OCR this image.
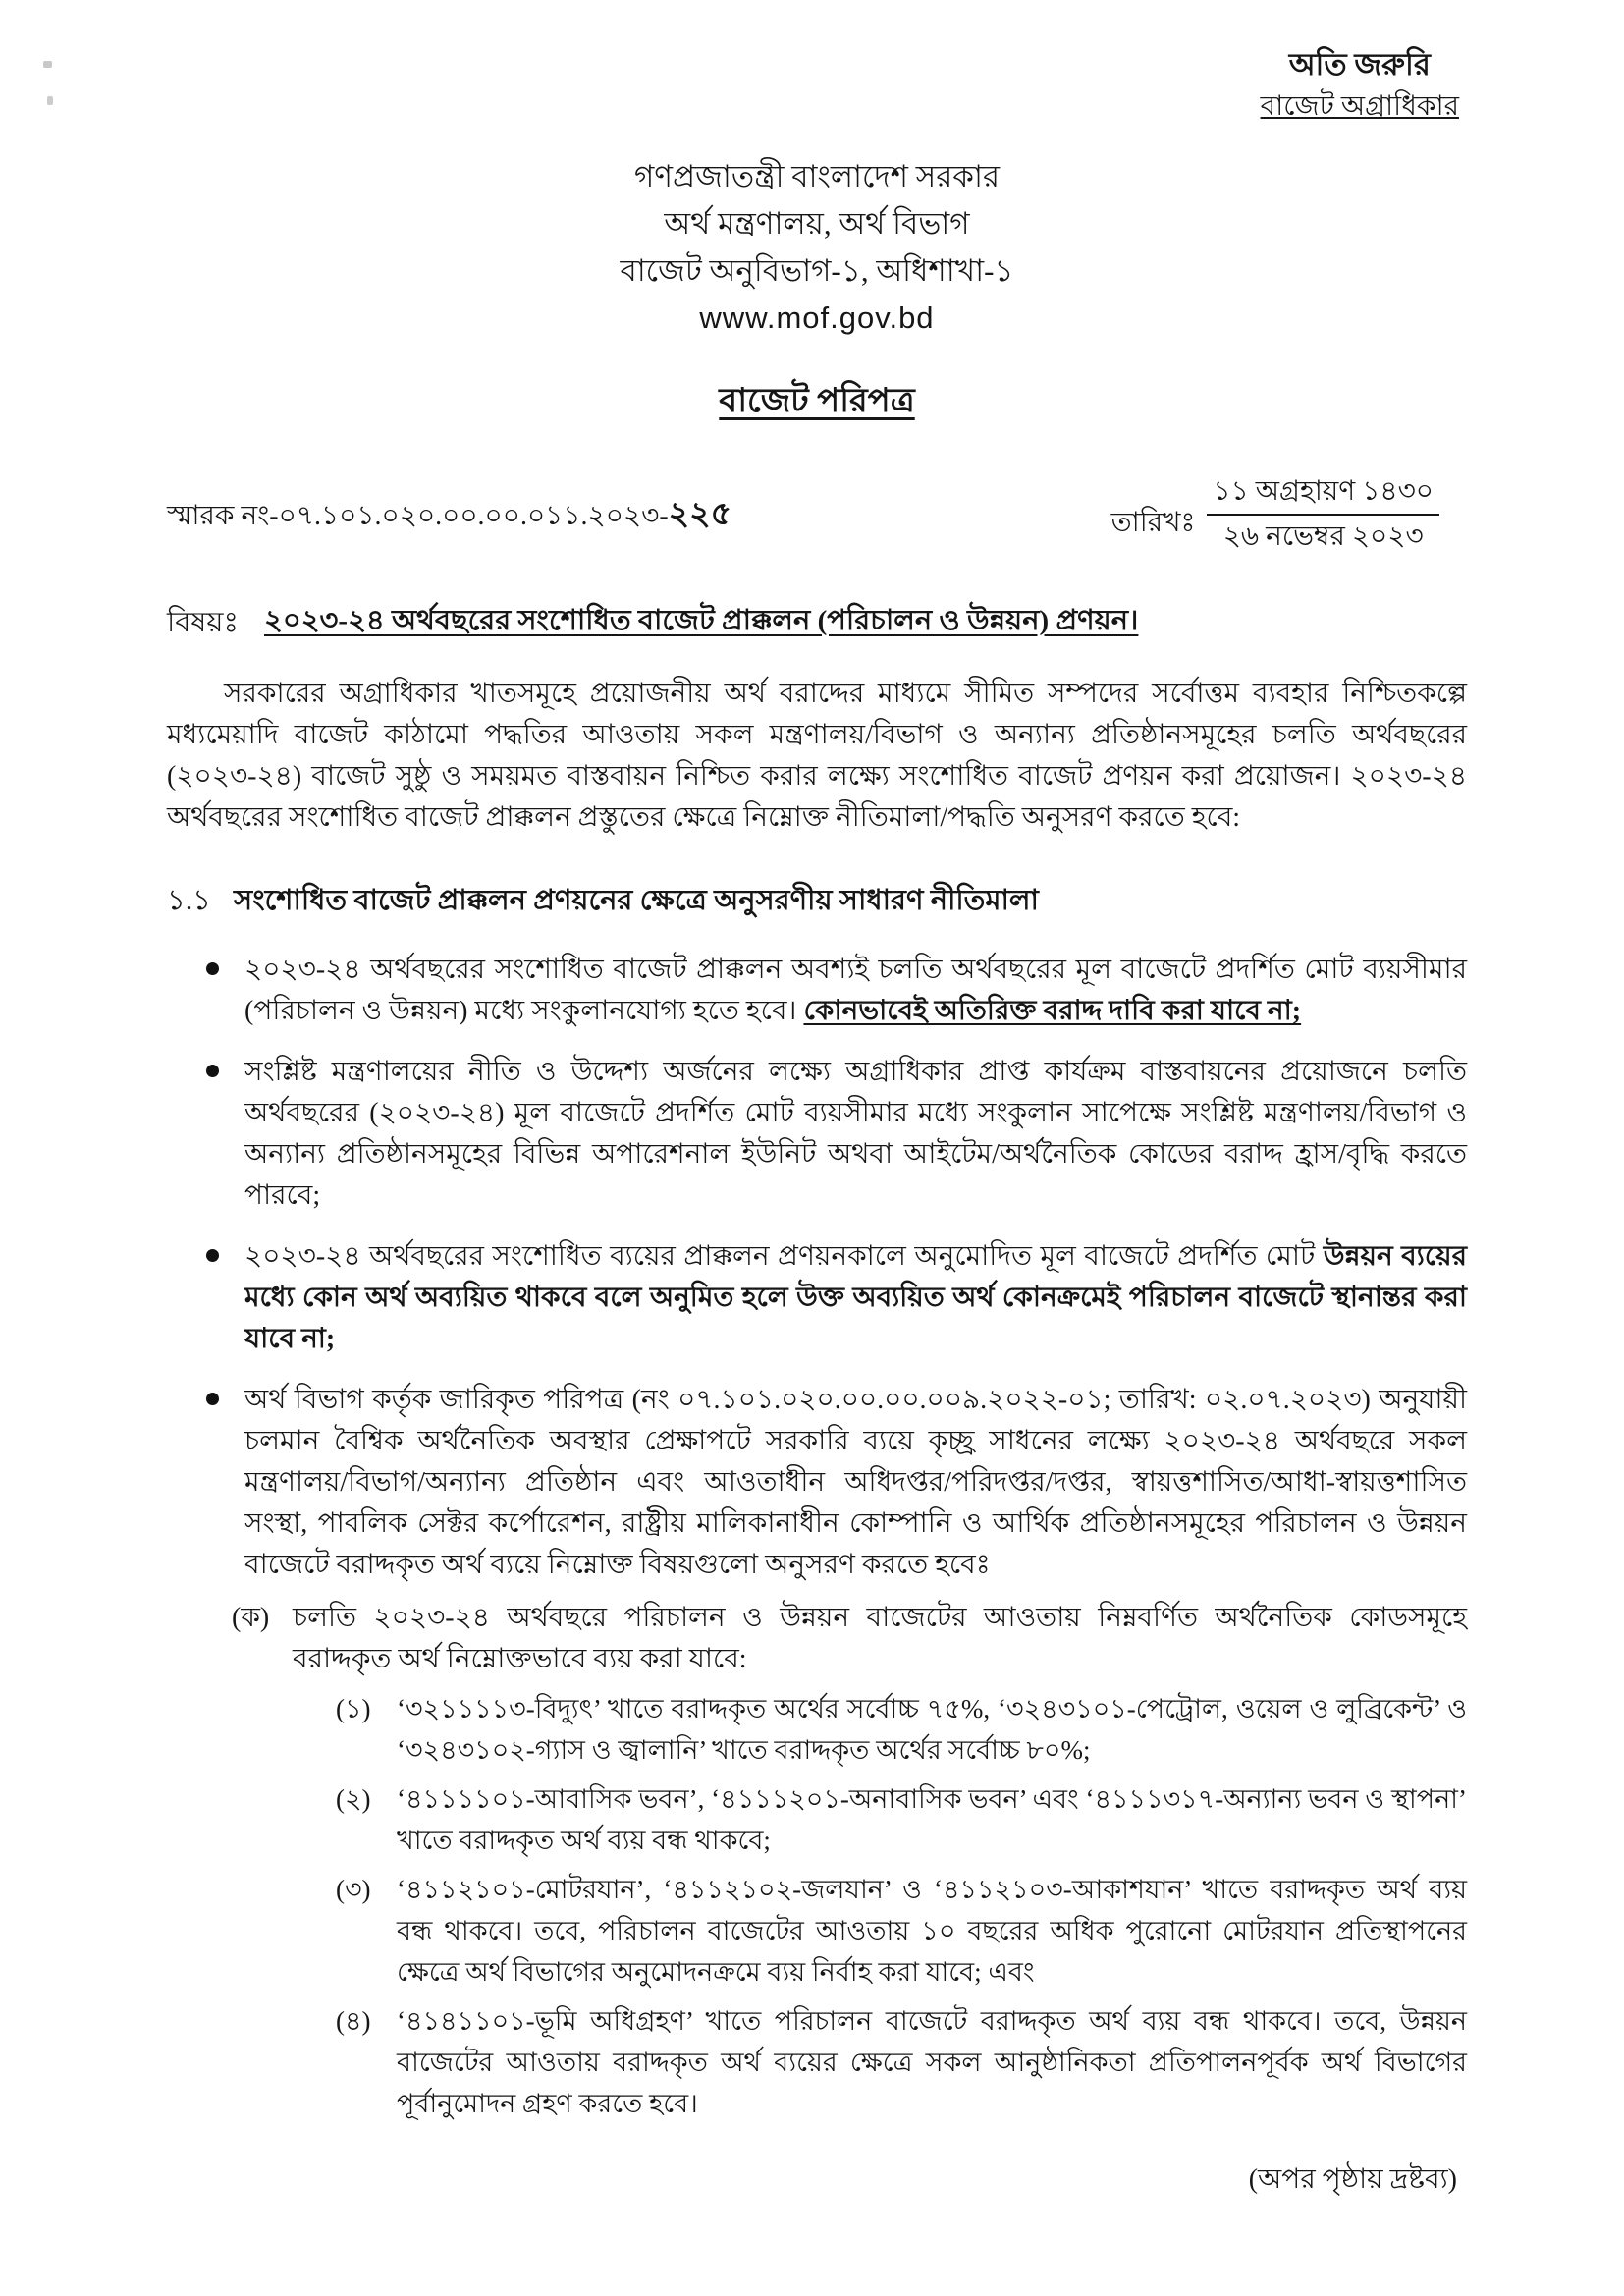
অতি জরুরি
বাজেট অগ্রাধিকার
গণপ্রজাতন্ত্রী বাংলাদেশ সরকার
অর্থ মন্ত্রণালয়, অর্থ বিভাগ
বাজেট অনুবিভাগ-১, অধিশাখা-১
www.mof.gov.bd
বাজেট পরিপত্র
স্মারক নং-০৭.১০১.০২০.০০.০০.০১১.২০২৩-২২৫	তারিখঃ $\frac{\text{১১ অগ্রহায়ণ ১৪৩০}}{\text{২৬ নভেম্বর ২০২৩}}$
বিষয়ঃ ২০২৩-২৪ অর্থবছরের সংশোধিত বাজেট প্রাক্কলন (পরিচালন ও উন্নয়ন) প্রণয়ন।
সরকারের অগ্রাধিকার খাতসমূহে প্রয়োজনীয় অর্থ বরাদ্দের মাধ্যমে সীমিত সম্পদের সর্বোত্তম ব্যবহার নিশ্চিতকল্পে মধ্যমেয়াদি বাজেট কাঠামো পদ্ধতির আওতায় সকল মন্ত্রণালয়/বিভাগ ও অন্যান্য প্রতিষ্ঠানসমূহের চলতি অর্থবছরের (২০২৩-২৪) বাজেট সুষ্ঠু ও সময়মত বাস্তবায়ন নিশ্চিত করার লক্ষ্যে সংশোধিত বাজেট প্রণয়ন করা প্রয়োজন। ২০২৩-২৪ অর্থবছরের সংশোধিত বাজেট প্রাক্কলন প্রস্তুতের ক্ষেত্রে নিম্নোক্ত নীতিমালা/পদ্ধতি অনুসরণ করতে হবে:
১.১ সংশোধিত বাজেট প্রাক্কলন প্রণয়নের ক্ষেত্রে অনুসরণীয় সাধারণ নীতিমালা
২০২৩-২৪ অর্থবছরের সংশোধিত বাজেট প্রাক্কলন অবশ্যই চলতি অর্থবছরের মূল বাজেটে প্রদর্শিত মোট ব্যয়সীমার (পরিচালন ও উন্নয়ন) মধ্যে সংকুলানযোগ্য হতে হবে। কোনভাবেই অতিরিক্ত বরাদ্দ দাবি করা যাবে না;
সংশ্লিষ্ট মন্ত্রণালয়ের নীতি ও উদ্দেশ্য অর্জনের লক্ষ্যে অগ্রাধিকার প্রাপ্ত কার্যক্রম বাস্তবায়নের প্রয়োজনে চলতি অর্থবছরের (২০২৩-২৪) মূল বাজেটে প্রদর্শিত মোট ব্যয়সীমার মধ্যে সংকুলান সাপেক্ষে সংশ্লিষ্ট মন্ত্রণালয়/বিভাগ ও অন্যান্য প্রতিষ্ঠানসমূহের বিভিন্ন অপারেশনাল ইউনিট অথবা আইটেম/অর্থনৈতিক কোডের বরাদ্দ হ্রাস/বৃদ্ধি করতে পারবে;
২০২৩-২৪ অর্থবছরের সংশোধিত ব্যয়ের প্রাক্কলন প্রণয়নকালে অনুমোদিত মূল বাজেটে প্রদর্শিত মোট উন্নয়ন ব্যয়ের মধ্যে কোন অর্থ অব্যয়িত থাকবে বলে অনুমিত হলে উক্ত অব্যয়িত অর্থ কোনক্রমেই পরিচালন বাজেটে স্থানান্তর করা যাবে না;
অর্থ বিভাগ কর্তৃক জারিকৃত পরিপত্র (নং ০৭.১০১.০২০.০০.০০.০০৯.২০২২-০১; তারিখ: ০২.০৭.২০২৩) অনুযায়ী চলমান বৈশ্বিক অর্থনৈতিক অবস্থার প্রেক্ষাপটে সরকারি ব্যয়ে কৃচ্ছ্র সাধনের লক্ষ্যে ২০২৩-২৪ অর্থবছরে সকল মন্ত্রণালয়/বিভাগ/অন্যান্য প্রতিষ্ঠান এবং আওতাধীন অধিদপ্তর/পরিদপ্তর/দপ্তর, স্বায়ত্তশাসিত/আধা-স্বায়ত্তশাসিত সংস্থা, পাবলিক সেক্টর কর্পোরেশন, রাষ্ট্রীয় মালিকানাধীন কোম্পানি ও আর্থিক প্রতিষ্ঠানসমূহের পরিচালন ও উন্নয়ন বাজেটে বরাদ্দকৃত অর্থ ব্যয়ে নিম্নোক্ত বিষয়গুলো অনুসরণ করতে হবেঃ
(ক) চলতি ২০২৩-২৪ অর্থবছরে পরিচালন ও উন্নয়ন বাজেটের আওতায় নিম্নবর্ণিত অর্থনৈতিক কোডসমূহে বরাদ্দকৃত অর্থ নিম্নোক্তভাবে ব্যয় করা যাবে:
(১) ‘৩২১১১১৩-বিদ্যুৎ’ খাতে বরাদ্দকৃত অর্থের সর্বোচ্চ ৭৫%, ‘৩২৪৩১০১-পেট্রোল, ওয়েল ও লুব্রিকেন্ট’ ও ‘৩২৪৩১০২-গ্যাস ও জ্বালানি’ খাতে বরাদ্দকৃত অর্থের সর্বোচ্চ ৮০%;
(২) ‘৪১১১১০১-আবাসিক ভবন’, ‘৪১১১২০১-অনাবাসিক ভবন’ এবং ‘৪১১১৩১৭-অন্যান্য ভবন ও স্থাপনা’ খাতে বরাদ্দকৃত অর্থ ব্যয় বন্ধ থাকবে;
(৩) ‘৪১১২১০১-মোটরযান’, ‘৪১১২১০২-জলযান’ ও ‘৪১১২১০৩-আকাশযান’ খাতে বরাদ্দকৃত অর্থ ব্যয় বন্ধ থাকবে। তবে, পরিচালন বাজেটের আওতায় ১০ বছরের অধিক পুরোনো মোটরযান প্রতিস্থাপনের ক্ষেত্রে অর্থ বিভাগের অনুমোদনক্রমে ব্যয় নির্বাহ করা যাবে; এবং
(৪) ‘৪১৪১১০১-ভূমি অধিগ্রহণ’ খাতে পরিচালন বাজেটে বরাদ্দকৃত অর্থ ব্যয় বন্ধ থাকবে। তবে, উন্নয়ন বাজেটের আওতায় বরাদ্দকৃত অর্থ ব্যয়ের ক্ষেত্রে সকল আনুষ্ঠানিকতা প্রতিপালনপূর্বক অর্থ বিভাগের পূর্বানুমোদন গ্রহণ করতে হবে।
(অপর পৃষ্ঠায় দ্রষ্টব্য)
